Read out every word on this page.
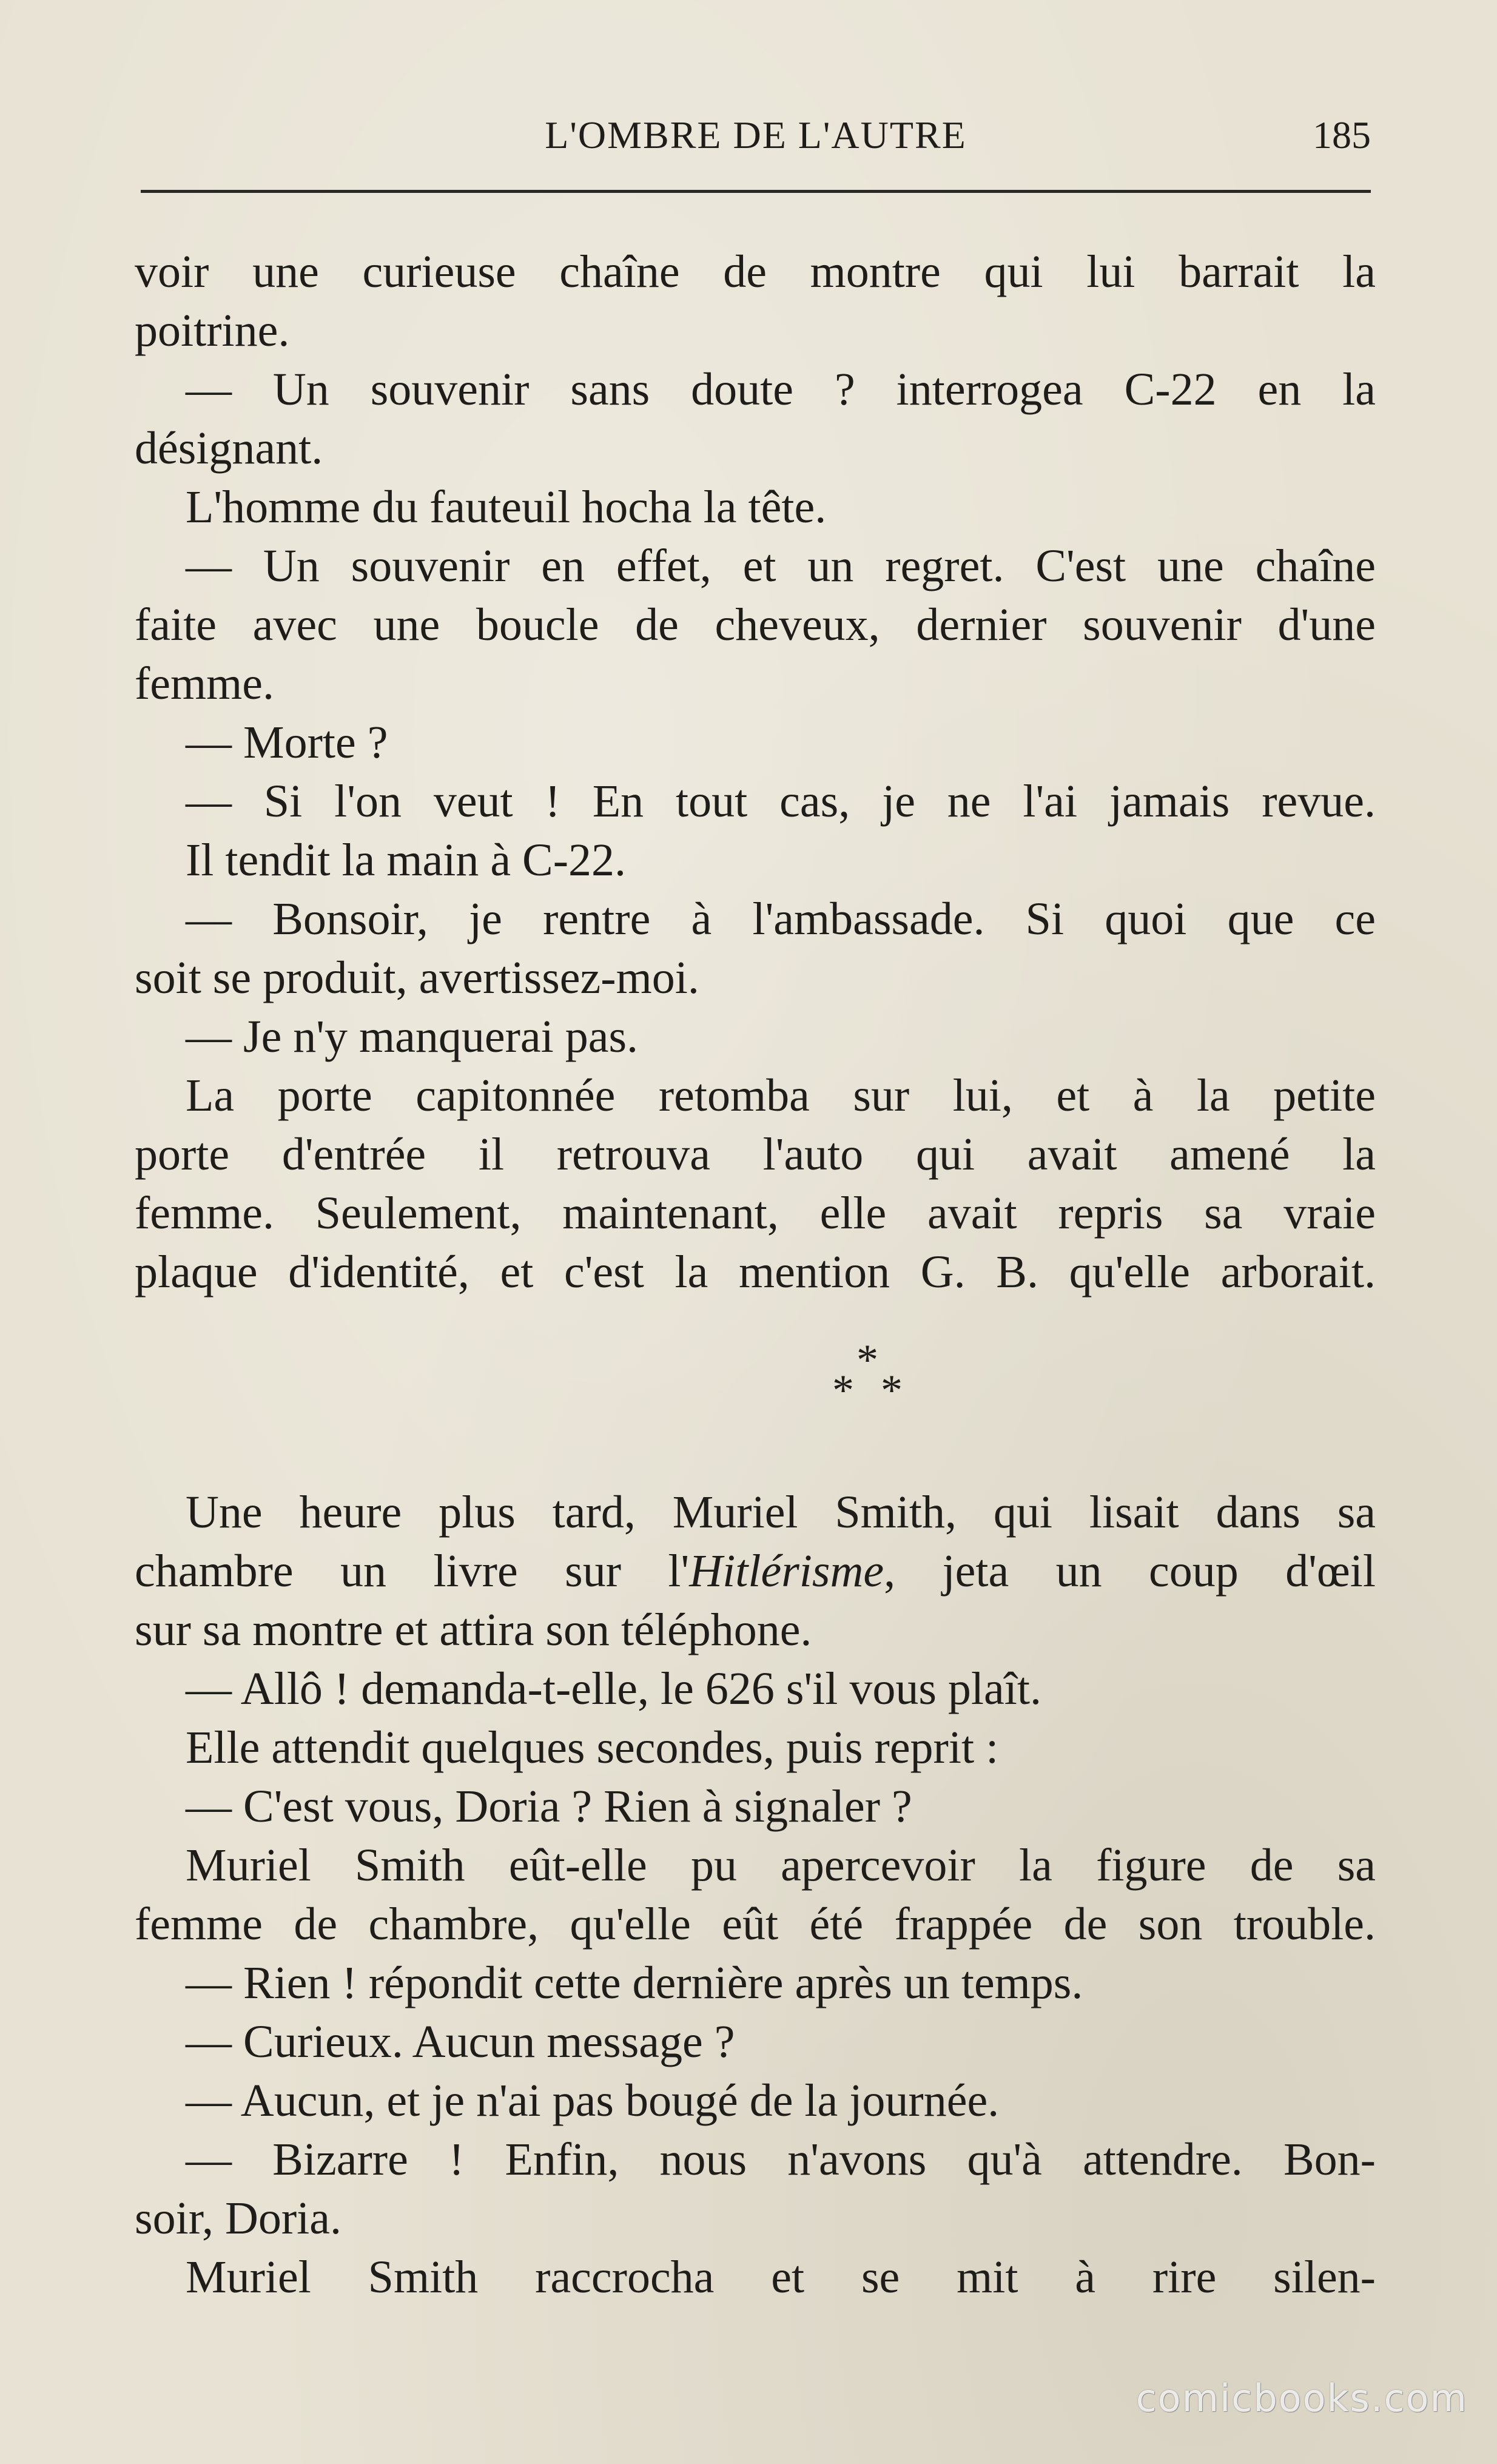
L'OMBRE DE L'AUTRE	185
voir une curieuse chaîne de montre qui lui barrait la
poitrine.
— Un souvenir sans doute ? interrogea C-22 en la
désignant.
L'homme du fauteuil hocha la tête.
— Un souvenir en effet, et un regret. C'est une chaîne
faite avec une boucle de cheveux, dernier souvenir d'une
femme.
— Morte ?
— Si l'on veut ! En tout cas, je ne l'ai jamais revue.
Il tendit la main à C-22.
— Bonsoir, je rentre à l'ambassade. Si quoi que ce
soit se produit, avertissez-moi.
— Je n'y manquerai pas.
La porte capitonnée retomba sur lui, et à la petite
porte d'entrée il retrouva l'auto qui avait amené la
femme. Seulement, maintenant, elle avait repris sa vraie
plaque d'identité, et c'est la mention G. B. qu'elle arborait.
*
* *
Une heure plus tard, Muriel Smith, qui lisait dans sa
chambre un livre sur l'Hitlérisme, jeta un coup d'œil
sur sa montre et attira son téléphone.
— Allô ! demanda-t-elle, le 626 s'il vous plaît.
Elle attendit quelques secondes, puis reprit :
— C'est vous, Doria ? Rien à signaler ?
Muriel Smith eût-elle pu apercevoir la figure de sa
femme de chambre, qu'elle eût été frappée de son trouble.
— Rien ! répondit cette dernière après un temps.
— Curieux. Aucun message ?
— Aucun, et je n'ai pas bougé de la journée.
— Bizarre ! Enfin, nous n'avons qu'à attendre. Bon-
soir, Doria.
Muriel Smith raccrocha et se mit à rire silen-
comicbooks.com
